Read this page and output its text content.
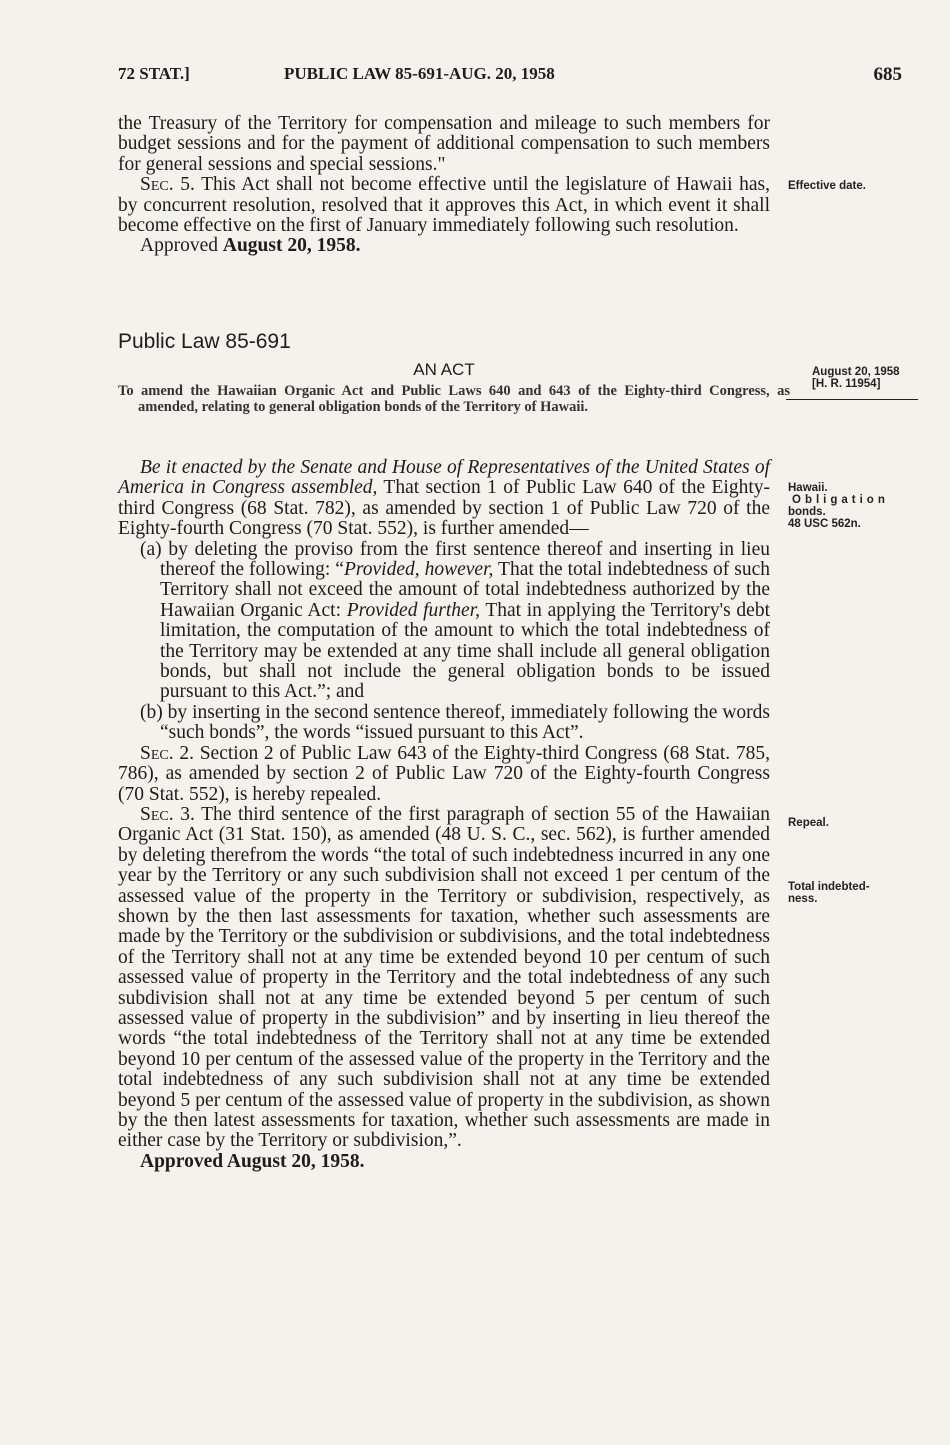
72 STAT.]	PUBLIC LAW 85-691-AUG. 20, 1958	685

the Treasury of the Territory for compensation and mileage to such members for budget sessions and for the payment of additional compensation to such members for general sessions and special sessions."

Sec. 5. This Act shall not become effective until the legislature of Hawaii has, by concurrent resolution, resolved that it approves this Act, in which event it shall become effective on the first of January immediately following such resolution.

Approved August 20, 1958.

Public Law 85-691
AN ACT
To amend the Hawaiian Organic Act and Public Laws 640 and 643 of the Eighty-third Congress, as amended, relating to general obligation bonds of the Territory of Hawaii.

Be it enacted by the Senate and House of Representatives of the United States of America in Congress assembled, That section 1 of Public Law 640 of the Eighty-third Congress (68 Stat. 782), as amended by section 1 of Public Law 720 of the Eighty-fourth Congress (70 Stat. 552), is further amended—

(a) by deleting the proviso from the first sentence thereof and inserting in lieu thereof the following: “Provided, however, That the total indebtedness of such Territory shall not exceed the amount of total indebtedness authorized by the Hawaiian Organic Act: Provided further, That in applying the Territory's debt limitation, the computation of the amount to which the total indebtedness of the Territory may be extended at any time shall include all general obligation bonds, but shall not include the general obligation bonds to be issued pursuant to this Act.”; and

(b) by inserting in the second sentence thereof, immediately following the words “such bonds”, the words “issued pursuant to this Act”.

Sec. 2. Section 2 of Public Law 643 of the Eighty-third Congress (68 Stat. 785, 786), as amended by section 2 of Public Law 720 of the Eighty-fourth Congress (70 Stat. 552), is hereby repealed.

Sec. 3. The third sentence of the first paragraph of section 55 of the Hawaiian Organic Act (31 Stat. 150), as amended (48 U. S. C., sec. 562), is further amended by deleting therefrom the words “the total of such indebtedness incurred in any one year by the Territory or any such subdivision shall not exceed 1 per centum of the assessed value of the property in the Territory or subdivision, respectively, as shown by the then last assessments for taxation, whether such assessments are made by the Territory or the subdivision or subdivisions, and the total indebtedness of the Territory shall not at any time be extended beyond 10 per centum of such assessed value of property in the Territory and the total indebtedness of any such subdivision shall not at any time be extended beyond 5 per centum of such assessed value of property in the subdivision” and by inserting in lieu thereof the words “the total indebtedness of the Territory shall not at any time be extended beyond 10 per centum of the assessed value of the property in the Territory and the total indebtedness of any such subdivision shall not at any time be extended beyond 5 per centum of the assessed value of property in the subdivision, as shown by the then latest assessments for taxation, whether such assessments are made in either case by the Territory or subdivision,”.

Approved August 20, 1958.

Effective date.
August 20, 1958
[H. R. 11954]
Hawaii.
Obligation
bonds.
48 USC 562n.
Repeal.
Total indebted-
ness.
